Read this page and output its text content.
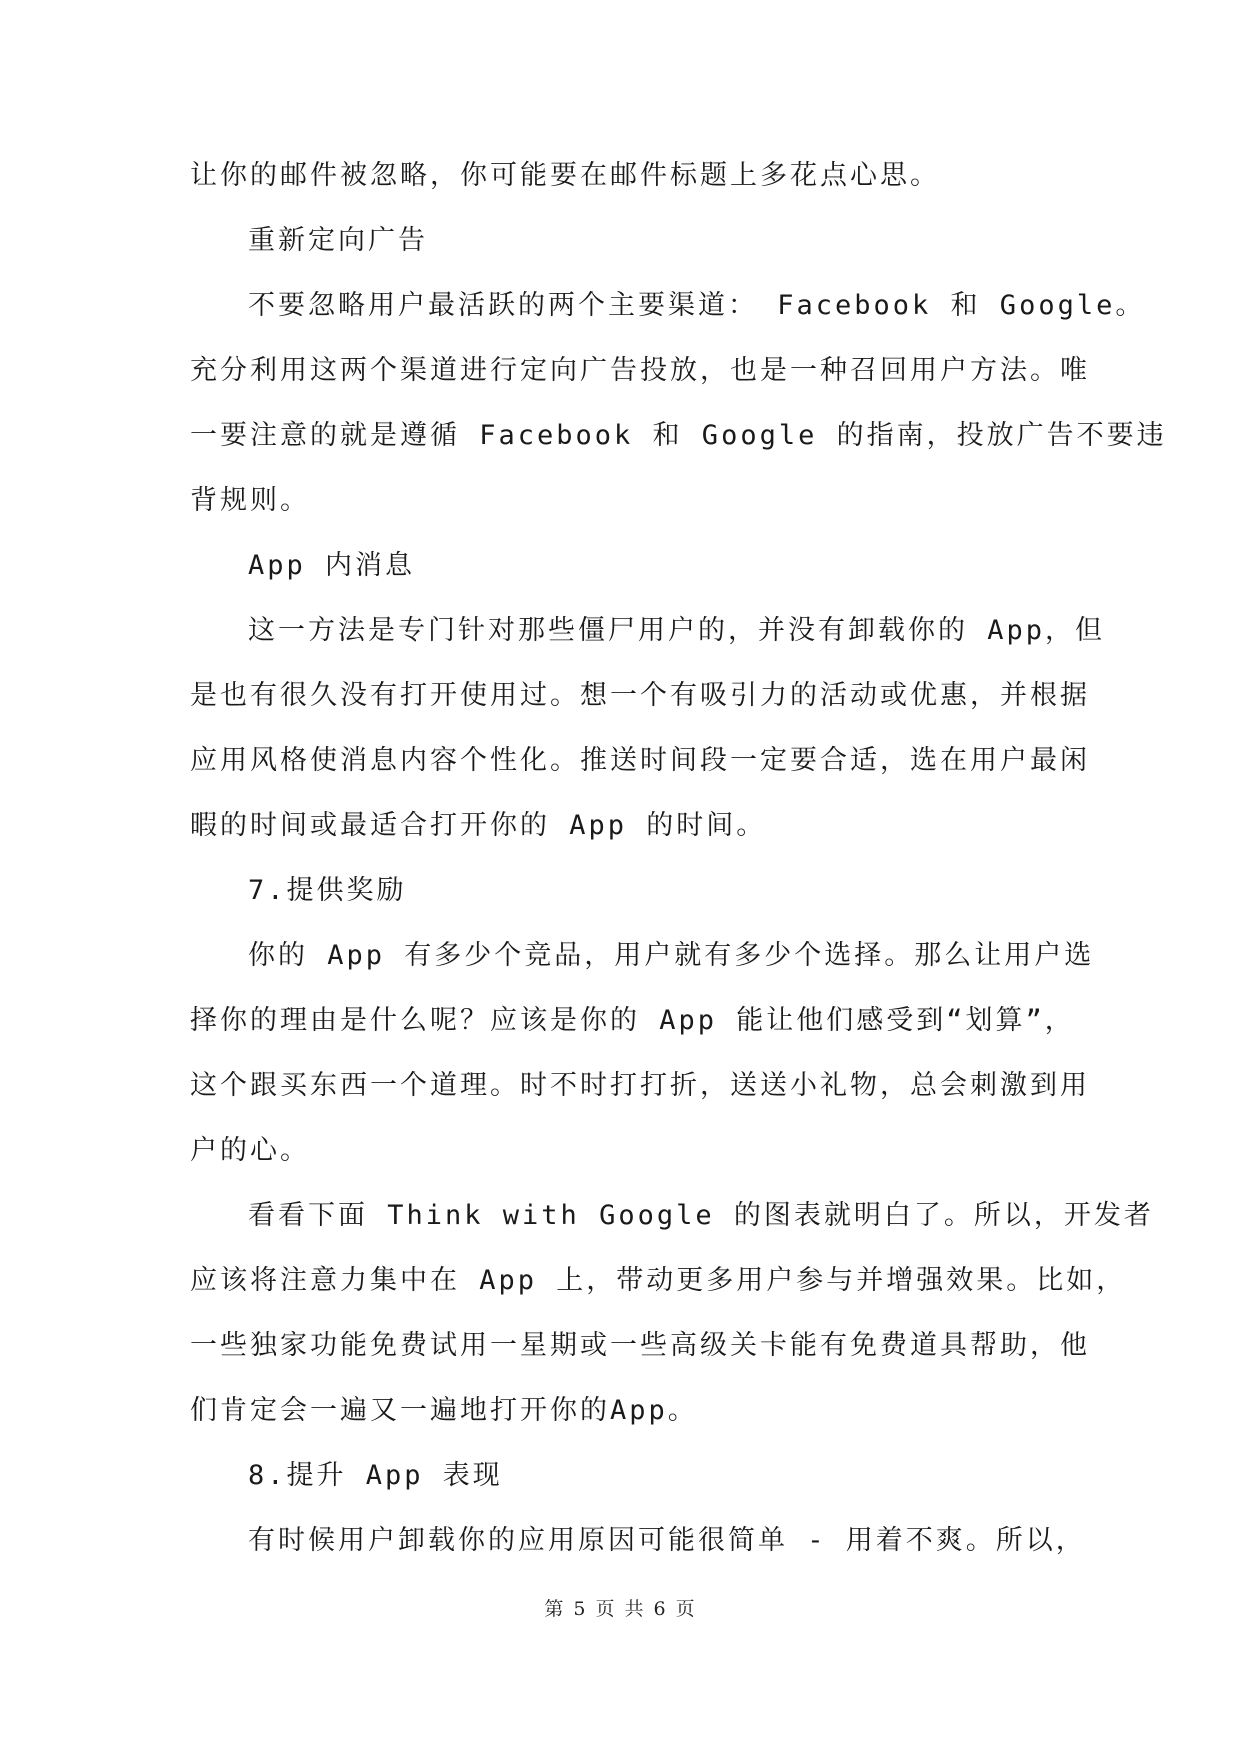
让你的邮件被忽略，你可能要在邮件标题上多花点心思。
重新定向广告
不要忽略用户最活跃的两个主要渠道： Facebook 和 Google。
充分利用这两个渠道进行定向广告投放，也是一种召回用户方法。唯
一要注意的就是遵循 Facebook 和 Google 的指南，投放广告不要违
背规则。
App 内消息
这一方法是专门针对那些僵尸用户的，并没有卸载你的 App，但
是也有很久没有打开使用过。想一个有吸引力的活动或优惠，并根据
应用风格使消息内容个性化。推送时间段一定要合适，选在用户最闲
暇的时间或最适合打开你的 App 的时间。
7.提供奖励
你的 App 有多少个竞品，用户就有多少个选择。那么让用户选
择你的理由是什么呢？应该是你的 App 能让他们感受到“划算”，
这个跟买东西一个道理。时不时打打折，送送小礼物，总会刺激到用
户的心。
看看下面 Think with Google 的图表就明白了。所以，开发者
应该将注意力集中在 App 上，带动更多用户参与并增强效果。比如，
一些独家功能免费试用一星期或一些高级关卡能有免费道具帮助，他
们肯定会一遍又一遍地打开你的App。
8.提升 App 表现
有时候用户卸载你的应用原因可能很简单 - 用着不爽。所以，
第 5 页 共 6 页
